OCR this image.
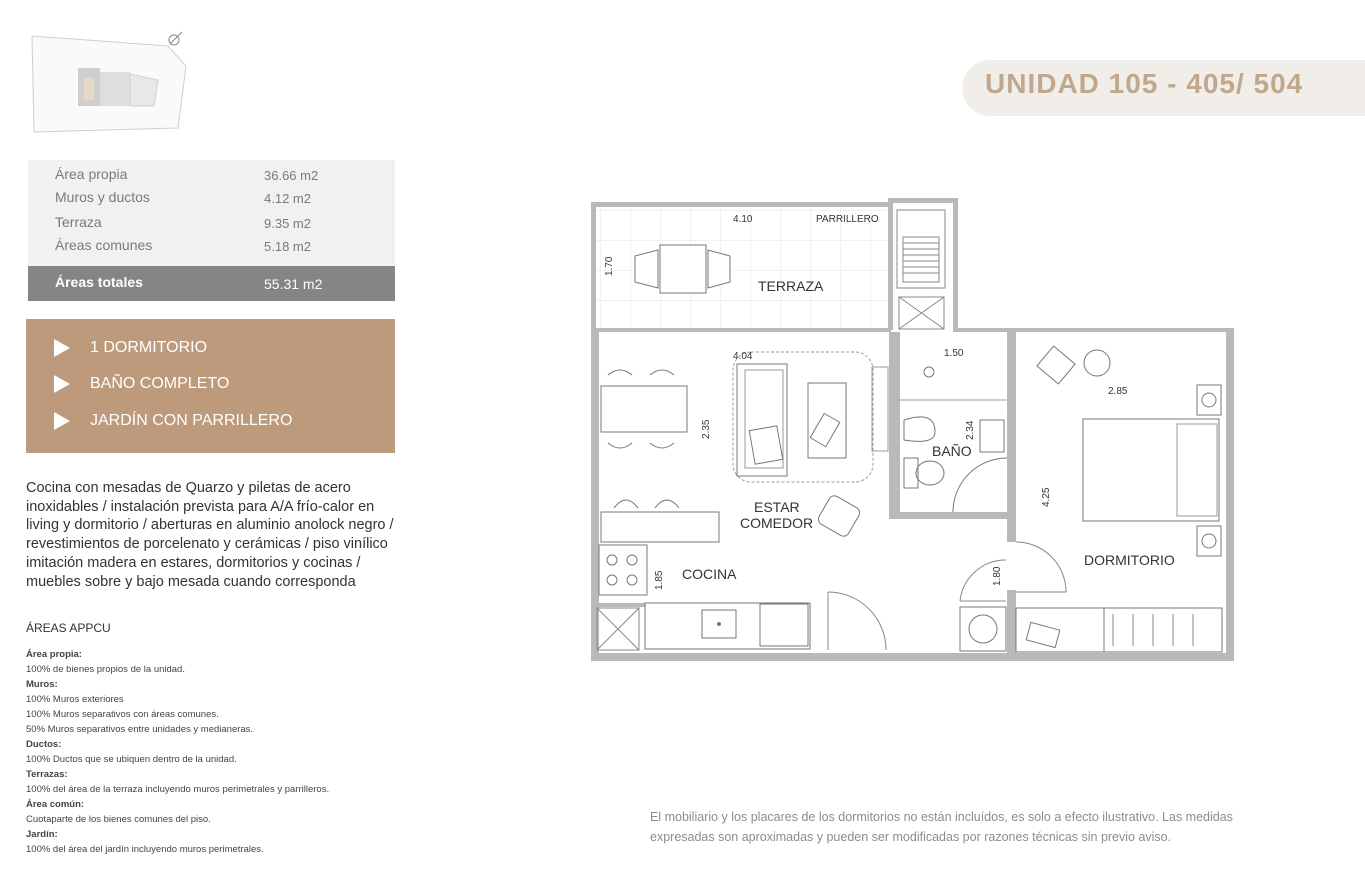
UNIDAD 105 - 405/ 504
Área propia	36.66 m2
Muros y ductos	4.12 m2
Terraza	9.35 m2
Áreas comunes	5.18 m2
Áreas totales	55.31 m2
1 DORMITORIO
BAÑO COMPLETO
JARDÍN CON PARRILLERO
Cocina con mesadas de Quarzo y piletas de acero
inoxidables / instalación prevista para A/A frío-calor en
living y dormitorio / aberturas en aluminio anolock negro /
revestimientos de porcelenato y cerámicas / piso vinílico
imitación madera en estares, dormitorios y cocinas /
muebles sobre y bajo mesada cuando corresponda
ÁREAS APPCU
Área propia:
100% de bienes propios de la unidad.
Muros:
100% Muros exteriores
100% Muros separativos con áreas comunes.
50% Muros separativos entre unidades y medianeras.
Ductos:
100% Ductos que se ubiquen dentro de la unidad.
Terrazas:
100% del área de la terraza incluyendo muros perimetrales y parrilleros.
Área común:
Cuotaparte de los bienes comunes del piso.
Jardín:
100% del área del jardín incluyendo muros perimetrales.
TERRAZA
ESTAR
COMEDOR
COCINA
BAÑO
DORMITORIO
PARRILLERO
4.10
4.04	1.50
2.85
1.70
2.35
1.85
2.34
1.80
4.25
El mobiliario y los placares de los dormitorios no están incluídos, es solo a efecto ilustrativo. Las medidas
expresadas son aproximadas y pueden ser modificadas por razones técnicas sin previo aviso.
